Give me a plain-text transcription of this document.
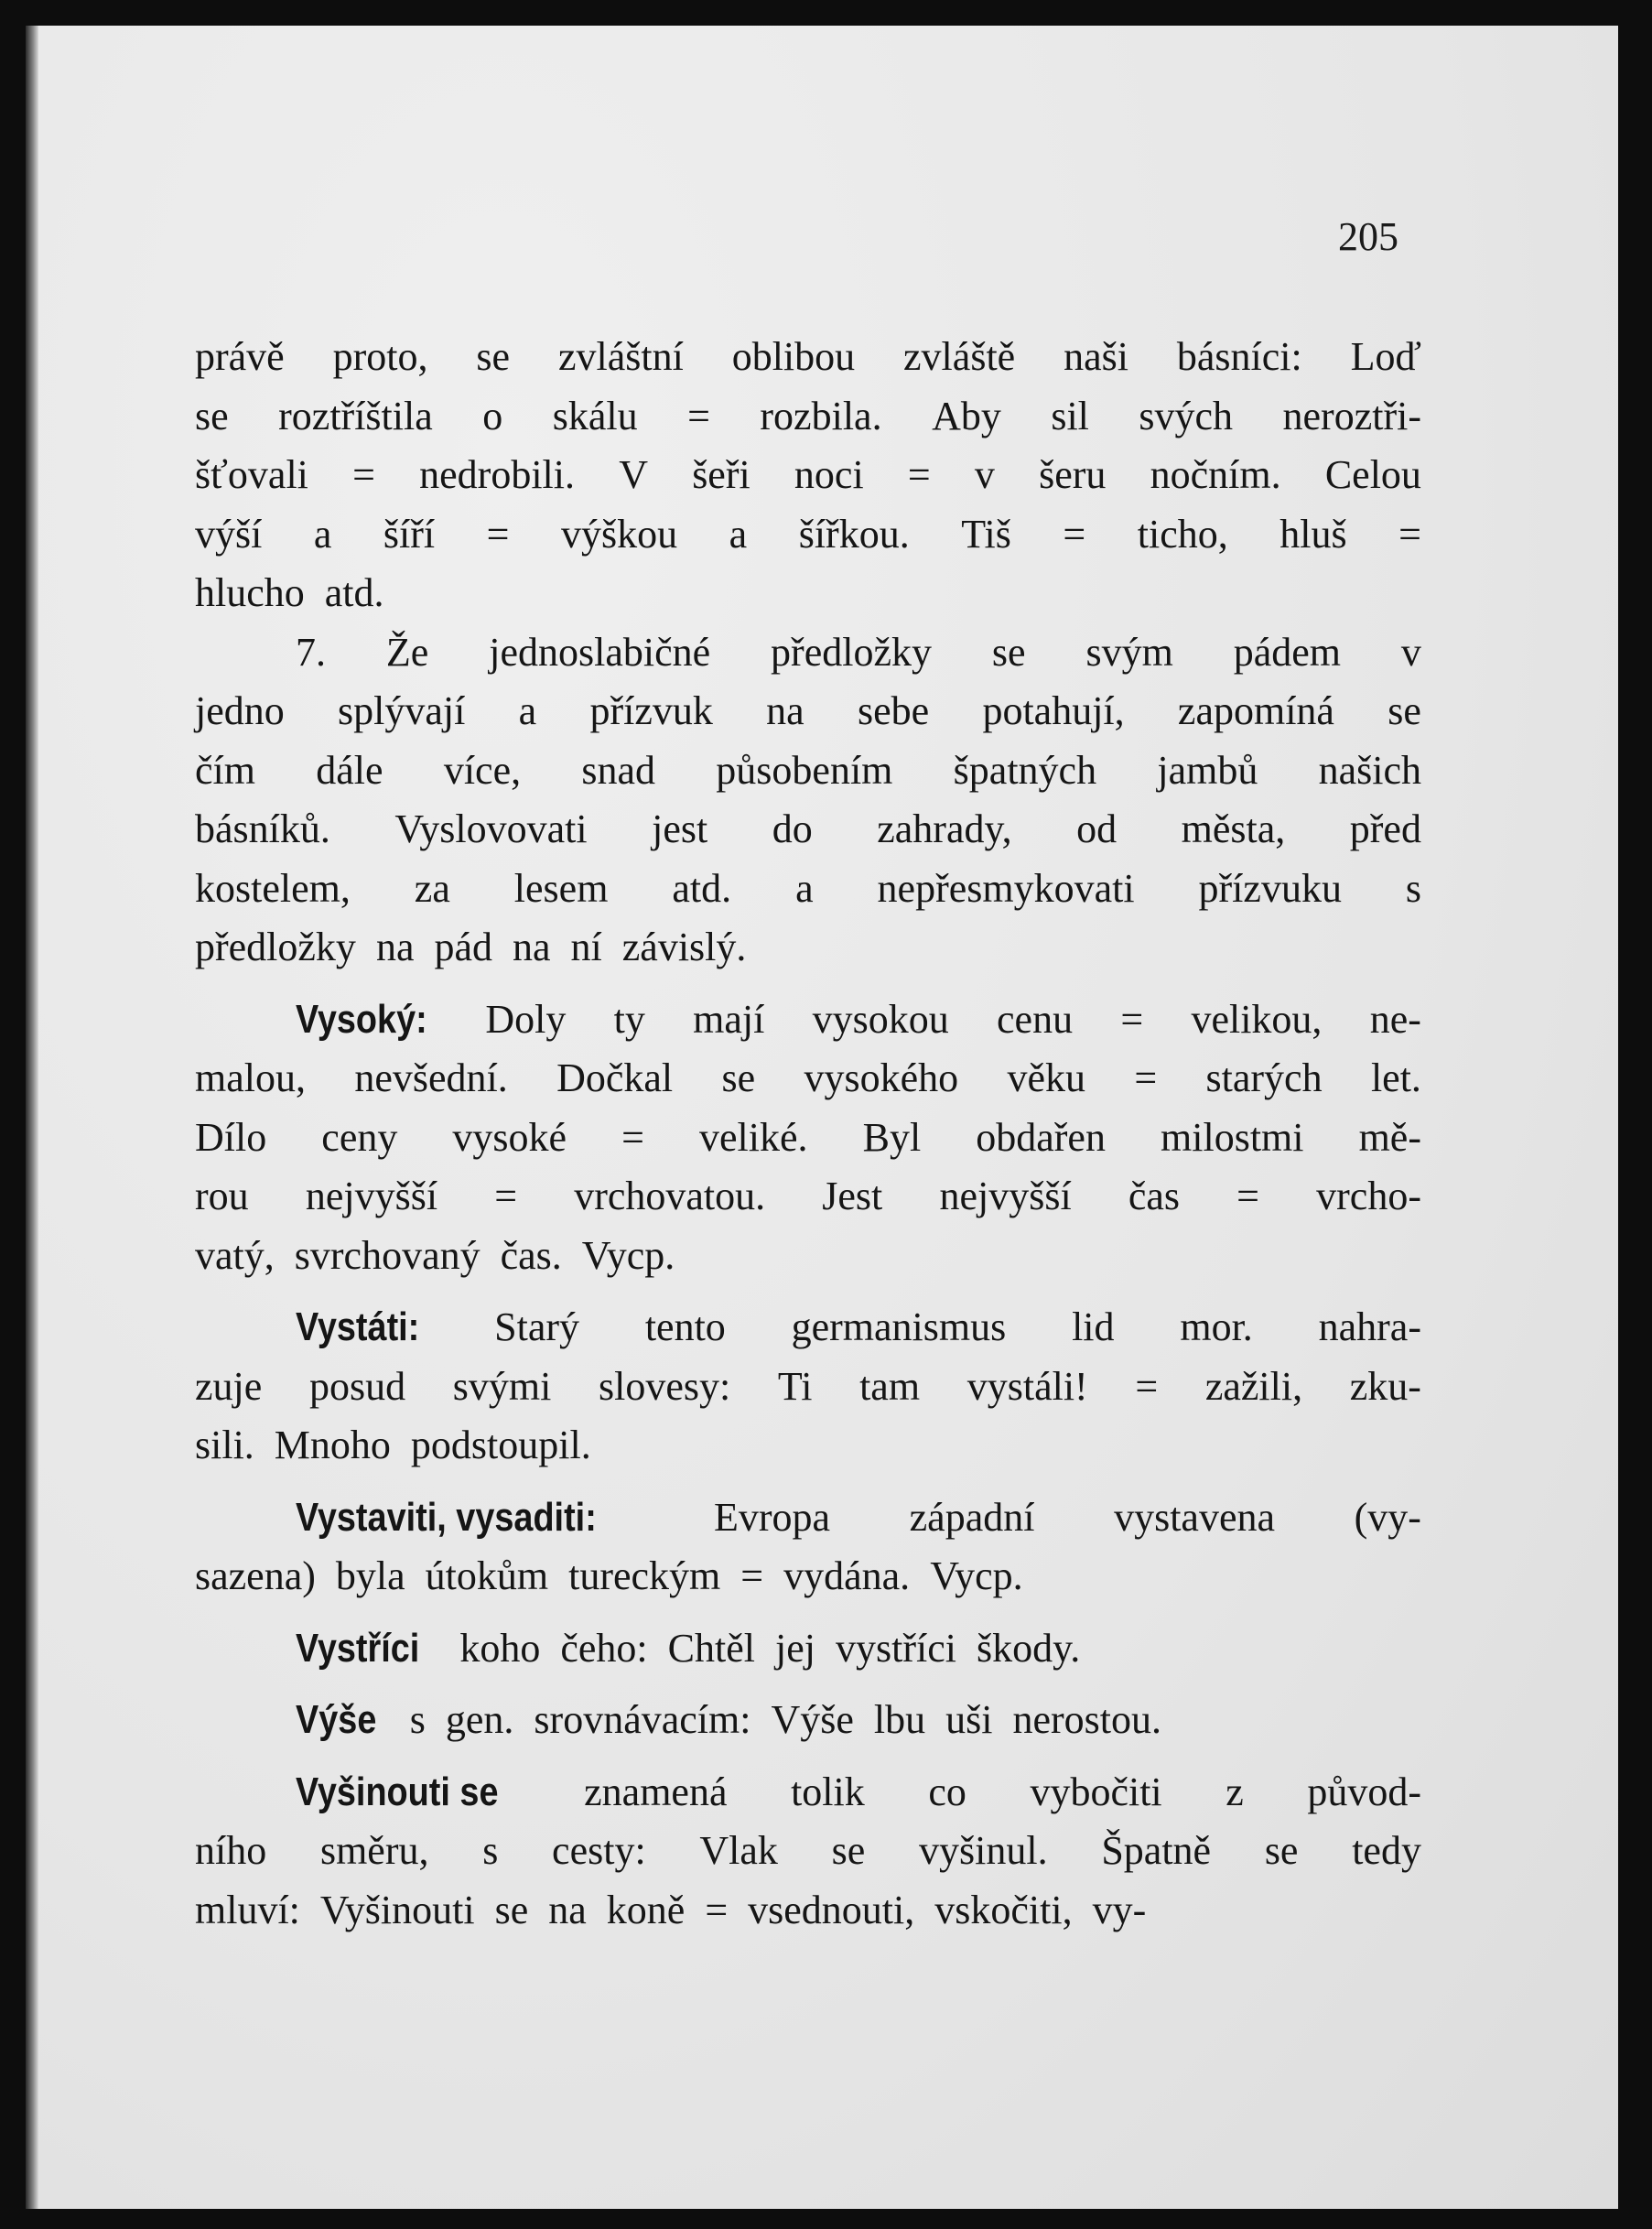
205
právě proto, se zvláštní oblibou zvláště naši básníci: Loď
se roztříštila o skálu = rozbila. Aby sil svých neroztři-
šťovali = nedrobili. V šeři noci = v šeru nočním. Celou
výší a šíří = výškou a šířkou. Tiš = ticho, hluš =
hlucho atd.
7. Že jednoslabičné předložky se svým pádem v
jedno splývají a přízvuk na sebe potahují, zapomíná se
čím dále více, snad působením špatných jambů našich
básníků. Vyslovovati jest do zahrady, od města, před
kostelem, za lesem atd. a nepřesmykovati přízvuku s
předložky na pád na ní závislý.
Vysoký: Doly ty mají vysokou cenu = velikou, ne-
malou, nevšední. Dočkal se vysokého věku = starých let.
Dílo ceny vysoké = veliké. Byl obdařen milostmi mě-
rou nejvyšší = vrchovatou. Jest nejvyšší čas = vrcho-
vatý, svrchovaný čas. Vycp.
Vystáti: Starý tento germanismus lid mor. nahra-
zuje posud svými slovesy: Ti tam vystáli! = zažili, zku-
sili. Mnoho podstoupil.
Vystaviti, vysaditi:	Evropa západní vystavena (vy-
sazena) byla útokům tureckým = vydána. Vycp.
Vystříci koho čeho: Chtěl jej vystříci škody.
Výše s gen. srovnávacím: Výše lbu uši nerostou.
Vyšinouti se znamená tolik co vybočiti z původ-
ního směru, s cesty: Vlak se vyšinul. Špatně se tedy
mluví: Vyšinouti se na koně = vsednouti, vskočiti, vy-
